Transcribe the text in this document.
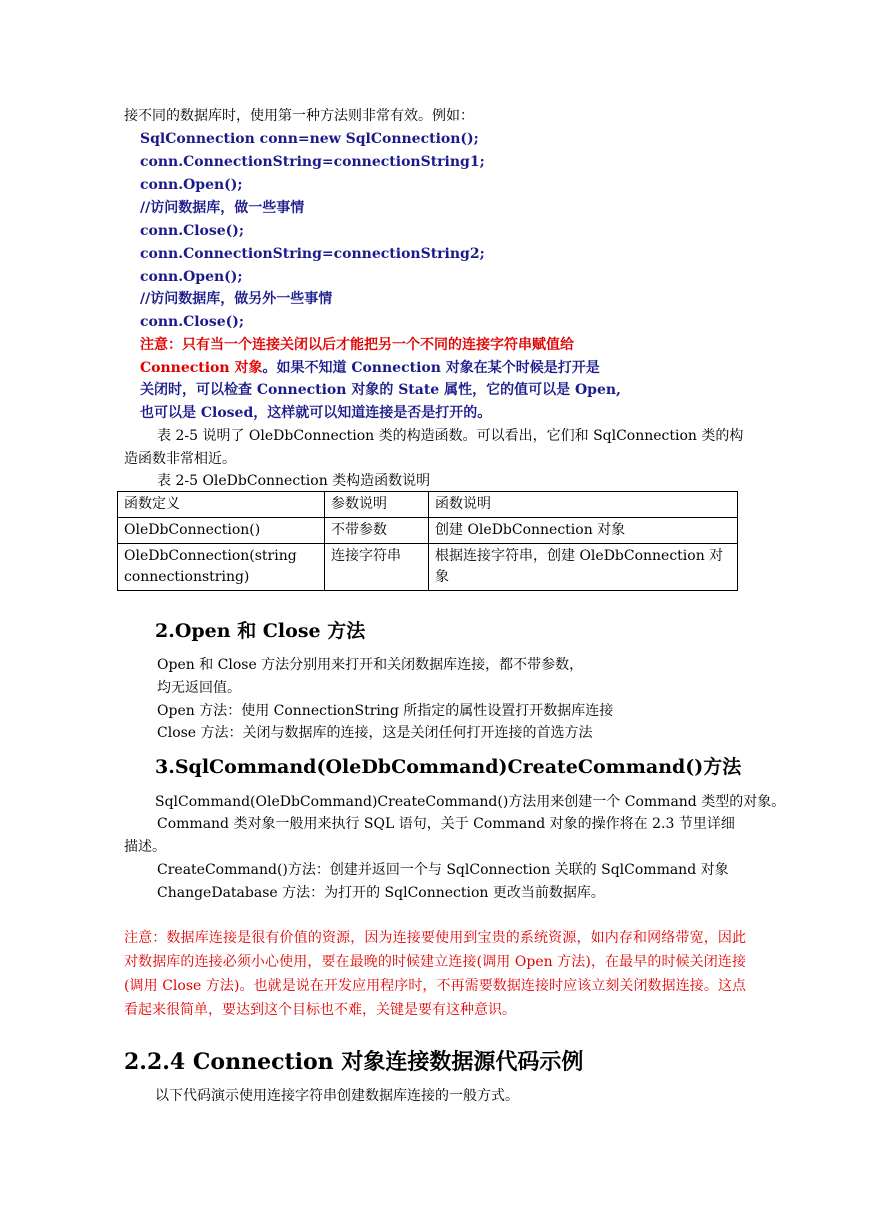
接不同的数据库时，使用第一种方法则非常有效。例如：
SqlConnection conn=new SqlConnection();
conn.ConnectionString=connectionString1;
conn.Open();
//访问数据库，做一些事情
conn.Close();
conn.ConnectionString=connectionString2;
conn.Open();
//访问数据库，做另外一些事情
conn.Close();
注意：只有当一个连接关闭以后才能把另一个不同的连接字符串赋值给
Connection 对象。如果不知道 Connection 对象在某个时候是打开是
关闭时，可以检查 Connection 对象的 State 属性，它的值可以是 Open,
也可以是 Closed，这样就可以知道连接是否是打开的。
表 2-5 说明了 OleDbConnection 类的构造函数。可以看出，它们和 SqlConnection 类的构
造函数非常相近。
表 2-5 OleDbConnection 类构造函数说明
函数定义	参数说明	函数说明
OleDbConnection()	不带参数	创建 OleDbConnection 对象
OleDbConnection(string connectionstring)	连接字符串	根据连接字符串，创建 OleDbConnection 对象
2.Open 和 Close 方法
Open 和 Close 方法分别用来打开和关闭数据库连接，都不带参数，
均无返回值。
Open 方法：使用 ConnectionString 所指定的属性设置打开数据库连接
Close 方法：关闭与数据库的连接，这是关闭任何打开连接的首选方法
3.SqlCommand(OleDbCommand)CreateCommand()方法
SqlCommand(OleDbCommand)CreateCommand()方法用来创建一个 Command 类型的对象。
Command 类对象一般用来执行 SQL 语句，关于 Command 对象的操作将在 2.3 节里详细
描述。
CreateCommand()方法：创建并返回一个与 SqlConnection 关联的 SqlCommand 对象
ChangeDatabase 方法：为打开的 SqlConnection 更改当前数据库。
注意：数据库连接是很有价值的资源，因为连接要使用到宝贵的系统资源，如内存和网络带宽，因此对数据库的连接必须小心使用，要在最晚的时候建立连接(调用 Open 方法)，在最早的时候关闭连接(调用 Close 方法)。也就是说在开发应用程序时，不再需要数据连接时应该立刻关闭数据连接。这点看起来很简单，要达到这个目标也不难，关键是要有这种意识。
2.2.4 Connection 对象连接数据源代码示例
以下代码演示使用连接字符串创建数据库连接的一般方式。
